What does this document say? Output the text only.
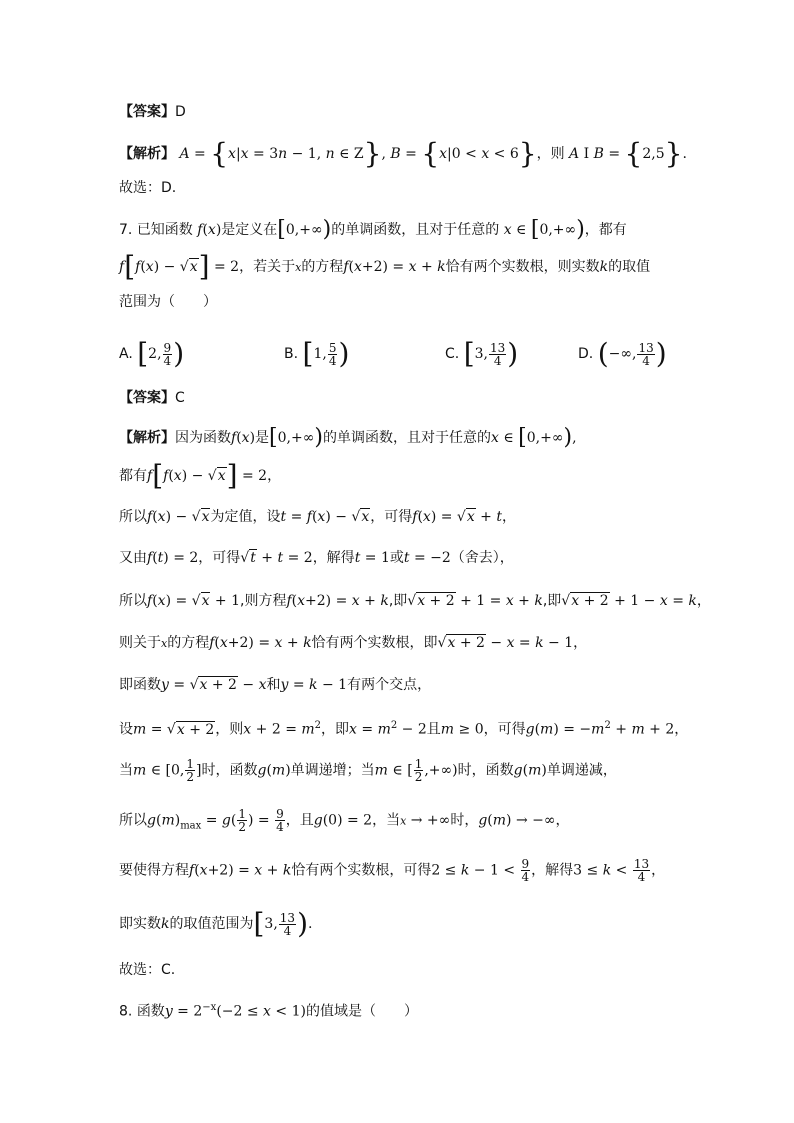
【答案】D
【解析】 A = {x|x = 3n − 1, n ∈ Z}, B = {x|0 < x < 6}，则 A I B = {2,5}.
故选：D.
7. 已知函数 f(x)是定义在[0,+∞)的单调函数，且对于任意的 x ∈ [0,+∞)，都有
f[f(x) − √x] = 2，若关于x的方程f(x+2) = x + k恰有两个实数根，则实数k的取值
范围为（　　）
A. [2, $\frac{9}{4}$ )	B. [1, $\frac{5}{4}$ )	C. [3, $\frac{13}{4}$ )	D. (−∞, $\frac{13}{4}$ )
【答案】C
【解析】因为函数f(x)是[0,+∞)的单调函数，且对于任意的x ∈ [0,+∞),
都有f[f(x) − √x] = 2，
所以f(x) − √x为定值，设t = f(x) − √x，可得f(x) = √x + t，
又由f(t) = 2，可得√t + t = 2，解得t = 1或t = −2（舍去），
所以f(x) = √x + 1,则方程f(x+2) = x + k,即√x + 2 + 1 = x + k,即√x + 2 + 1 − x = k，
则关于x的方程f(x+2) = x + k恰有两个实数根，即√x + 2 − x = k − 1，
即函数y = √x + 2 − x和y = k − 1有两个交点，
设m = √x + 2，则$x + 2 = m^2$，即$x = m^2 - 2$且m ≥ 0，可得$g(m) = -m^2 + m + 2$，
当m ∈ [0, $\frac{1}{2}$ ]时，函数g(m)单调递增；当m ∈ [ $\frac{1}{2}$ ,+∞)时，函数g(m)单调递减，
所以$g(m)_{max} = g( \frac{1}{2}$ ) = $\frac{9}{4}$ ，且g(0) = 2，当x → +∞时，g(m) → −∞，
要使得方程f(x+2) = x + k恰有两个实数根，可得$2 \le k - 1 < \frac{9}{4}$ ，解得$3 \le k < \frac{13}{4}$ ，
即实数k的取值范围为[3, $\frac{13}{4}$ ).
故选：C.
8. 函数$y = 2^{-x}(-2 \le x < 1)$的值域是（　　）
